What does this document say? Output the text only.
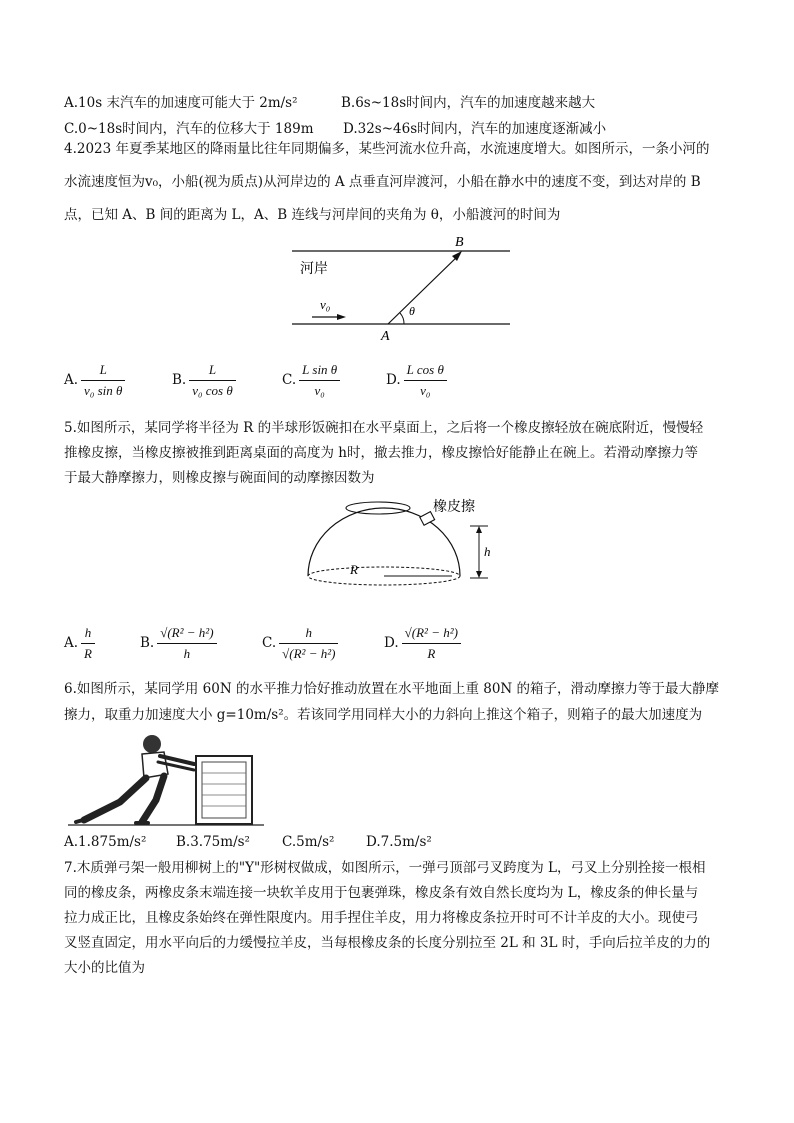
A.10s 末汽车的加速度可能大于 2m/s²	B.6s~18s时间内，汽车的加速度越来越大
C.0~18s时间内，汽车的位移大于 189m D.32s~46s时间内，汽车的加速度逐渐减小
4.2023 年夏季某地区的降雨量比往年同期偏多，某些河流水位升高，水流速度增大。如图所示，一条小河的
水流速度恒为v₀，小船(视为质点)从河岸边的 A 点垂直河岸渡河，小船在静水中的速度不变，到达对岸的 B
点，已知 A、B 间的距离为 L，A、B 连线与河岸间的夹角为 θ，小船渡河的时间为
河岸
B
A
v₀	θ
A. $\frac{L}{\text{v₀ sin θ}}$	B. $\frac{L}{\text{v₀ cos θ}}$	C. $\frac{\text{L sin θ}}{\text{v₀}}$	D. $\frac{\text{L cos θ}}{\text{v₀}}$
5.如图所示，某同学将半径为 R 的半球形饭碗扣在水平桌面上，之后将一个橡皮擦轻放在碗底附近，慢慢轻
推橡皮擦，当橡皮擦被推到距离桌面的高度为 h时，撤去推力，橡皮擦恰好能静止在碗上。若滑动摩擦力等
于最大静摩擦力，则橡皮擦与碗面间的动摩擦因数为
橡皮擦
h
R
A. $\frac{h}{R}$	B. $\frac{\text{√(R² − h²)}}{h}$	C. $\frac{h}{\text{√(R² − h²)}}$	D. $\frac{\text{√(R² − h²)}}{R}$
6.如图所示，某同学用 60N 的水平推力恰好推动放置在水平地面上重 80N 的箱子，滑动摩擦力等于最大静摩
擦力，取重力加速度大小 g=10m/s²。若该同学用同样大小的力斜向上推这个箱子，则箱子的最大加速度为
A.1.875m/s² B.3.75m/s² C.5m/s² D.7.5m/s²
7.木质弹弓架一般用柳树上的"Y"形树杈做成，如图所示，一弹弓顶部弓叉跨度为 L，弓叉上分别拴接一根相
同的橡皮条，两橡皮条末端连接一块软羊皮用于包裹弹珠，橡皮条有效自然长度均为 L，橡皮条的伸长量与
拉力成正比，且橡皮条始终在弹性限度内。用手捏住羊皮，用力将橡皮条拉开时可不计羊皮的大小。现使弓
叉竖直固定，用水平向后的力缓慢拉羊皮，当每根橡皮条的长度分别拉至 2L 和 3L 时，手向后拉羊皮的力的
大小的比值为
